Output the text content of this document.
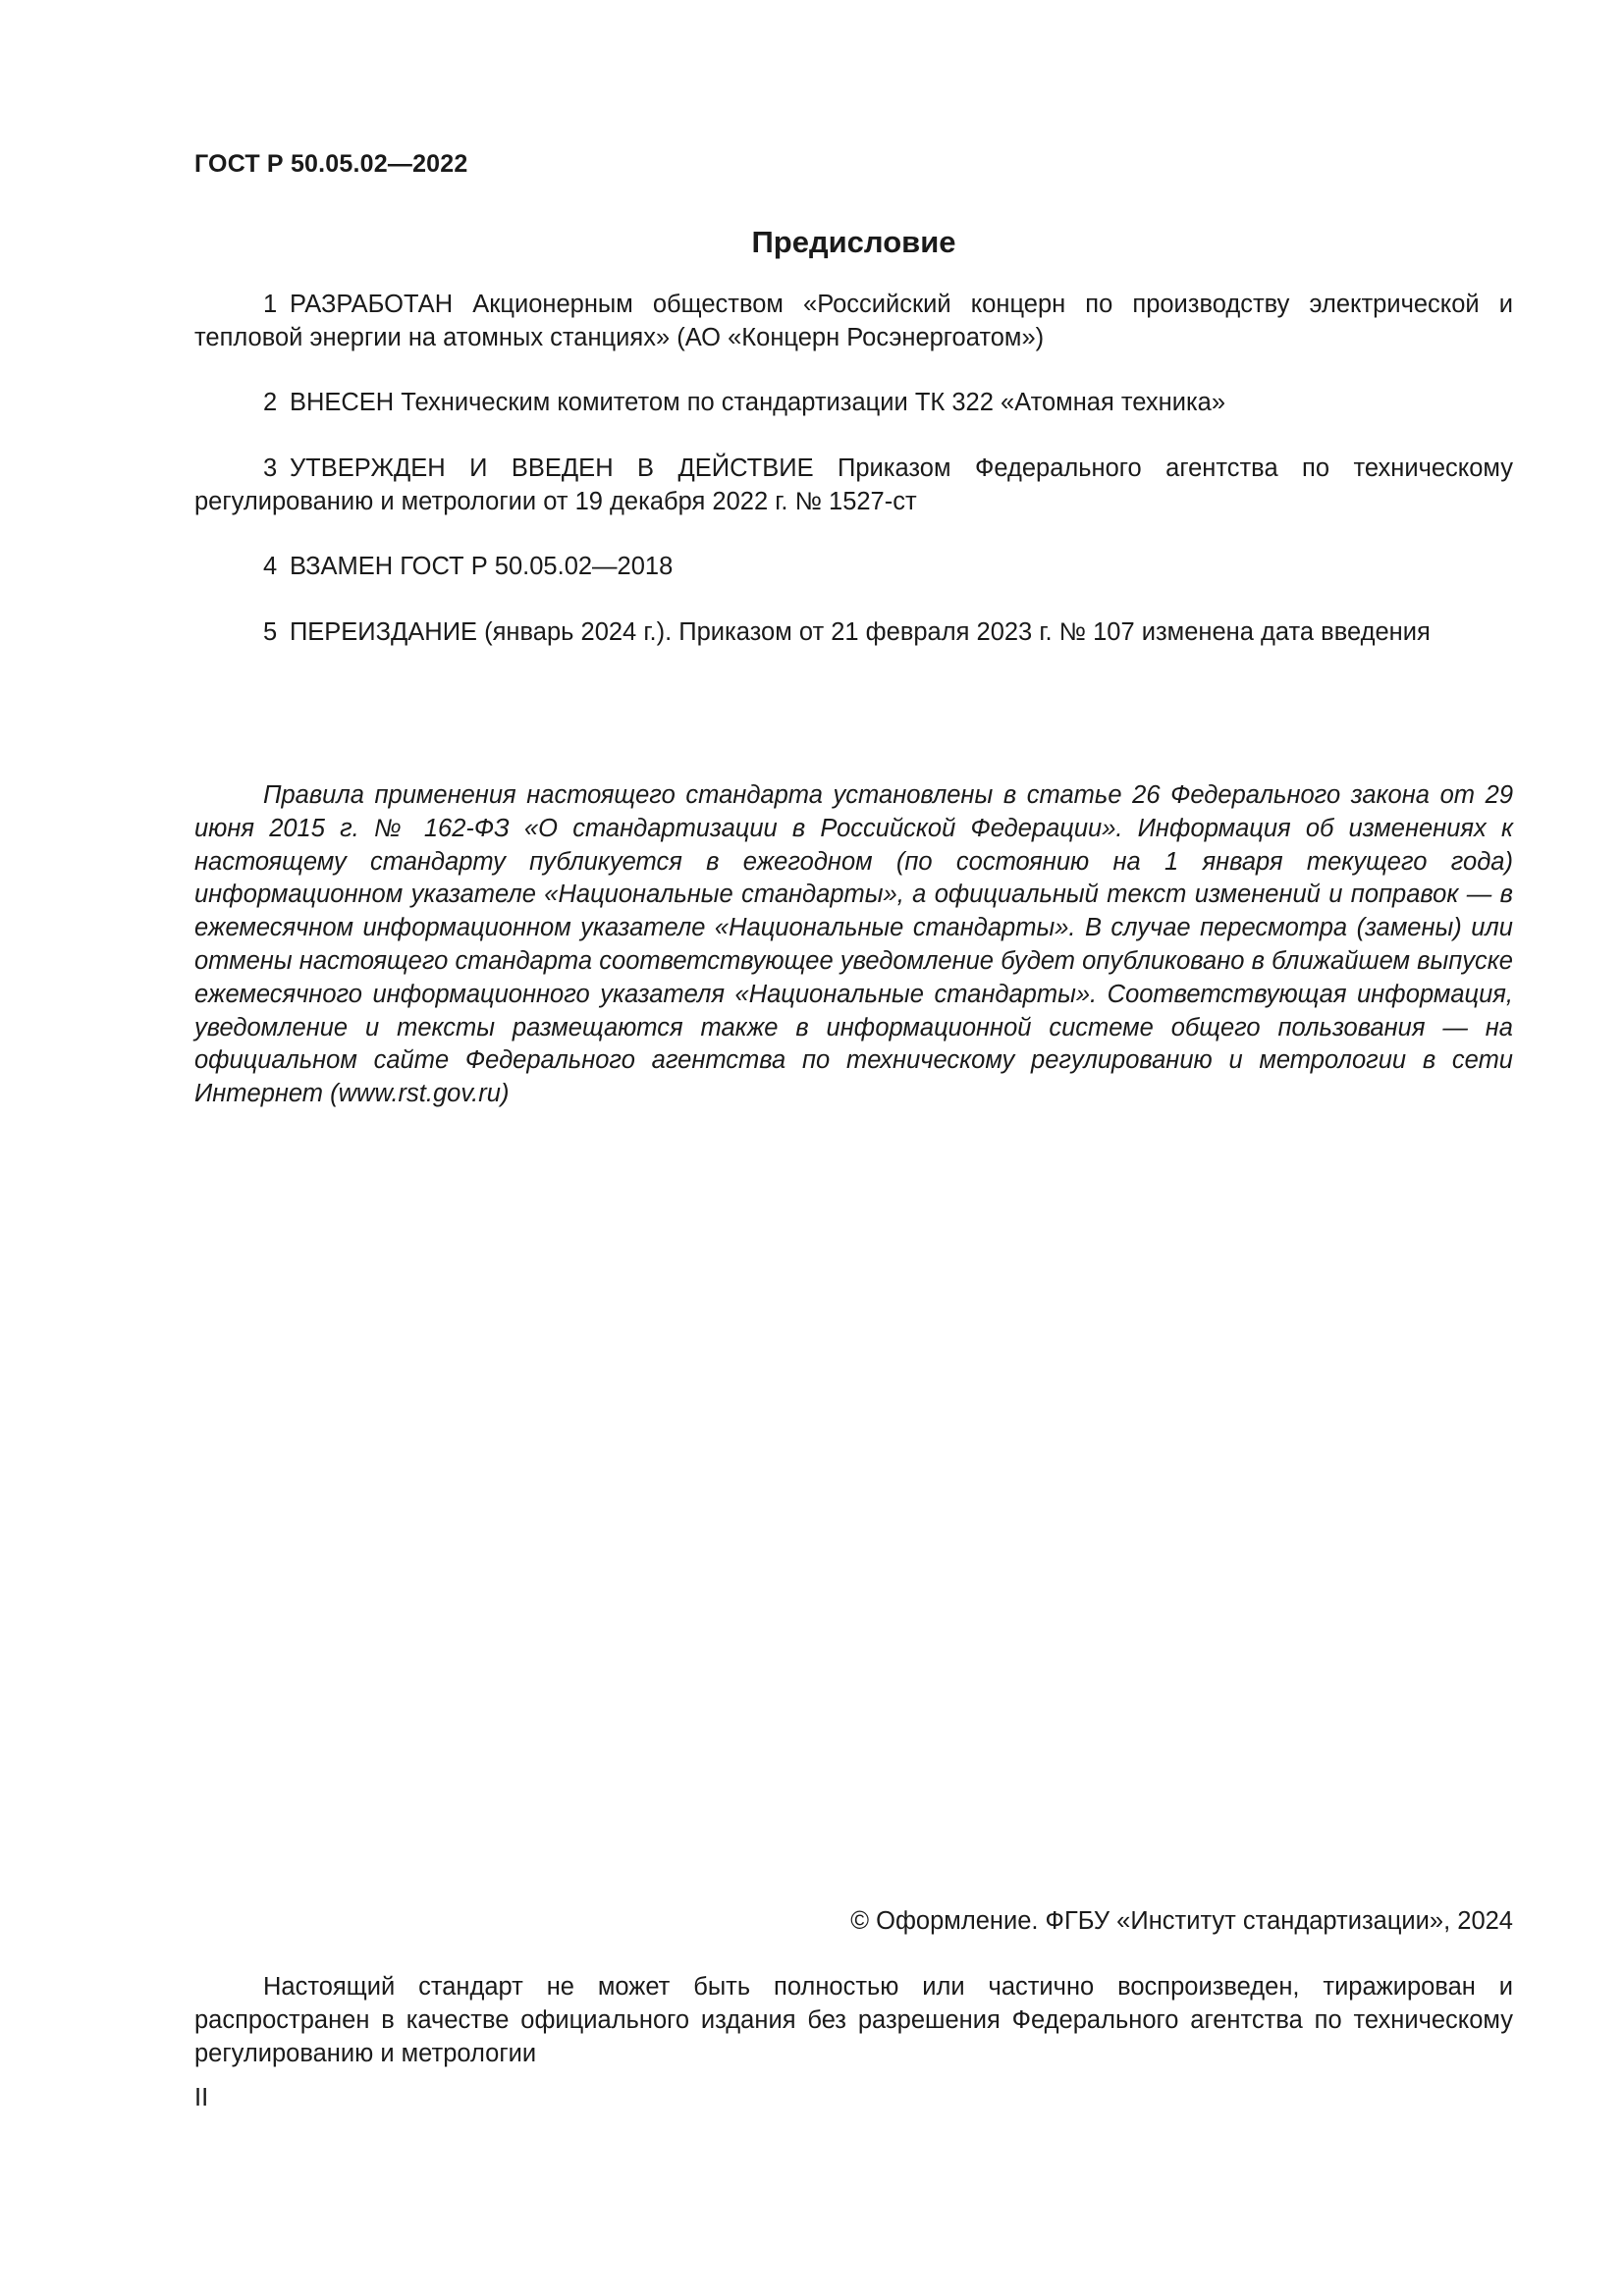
ГОСТ Р 50.05.02—2022
Предисловие

1 РАЗРАБОТАН Акционерным обществом «Российский концерн по производству электрической и тепловой энергии на атомных станциях» (АО «Концерн Росэнергоатом»)

2 ВНЕСЕН Техническим комитетом по стандартизации ТК 322 «Атомная техника»

3 УТВЕРЖДЕН И ВВЕДЕН В ДЕЙСТВИЕ Приказом Федерального агентства по техническому регулированию и метрологии от 19 декабря 2022 г. № 1527-ст

4 ВЗАМЕН ГОСТ Р 50.05.02—2018

5 ПЕРЕИЗДАНИЕ (январь 2024 г.). Приказом от 21 февраля 2023 г. № 107 изменена дата введения

Правила применения настоящего стандарта установлены в статье 26 Федерального закона от 29 июня 2015 г. № 162-ФЗ «О стандартизации в Российской Федерации». Информация об изменениях к настоящему стандарту публикуется в ежегодном (по состоянию на 1 января текущего года) информационном указателе «Национальные стандарты», а официальный текст изменений и поправок — в ежемесячном информационном указателе «Национальные стандарты». В случае пересмотра (замены) или отмены настоящего стандарта соответствующее уведомление будет опубликовано в ближайшем выпуске ежемесячного информационного указателя «Национальные стандарты». Соответствующая информация, уведомление и тексты размещаются также в информационной системе общего пользования — на официальном сайте Федерального агентства по техническому регулированию и метрологии в сети Интернет (www.rst.gov.ru)

© Оформление. ФГБУ «Институт стандартизации», 2024

Настоящий стандарт не может быть полностью или частично воспроизведен, тиражирован и распространен в качестве официального издания без разрешения Федерального агентства по техническому регулированию и метрологии

II
